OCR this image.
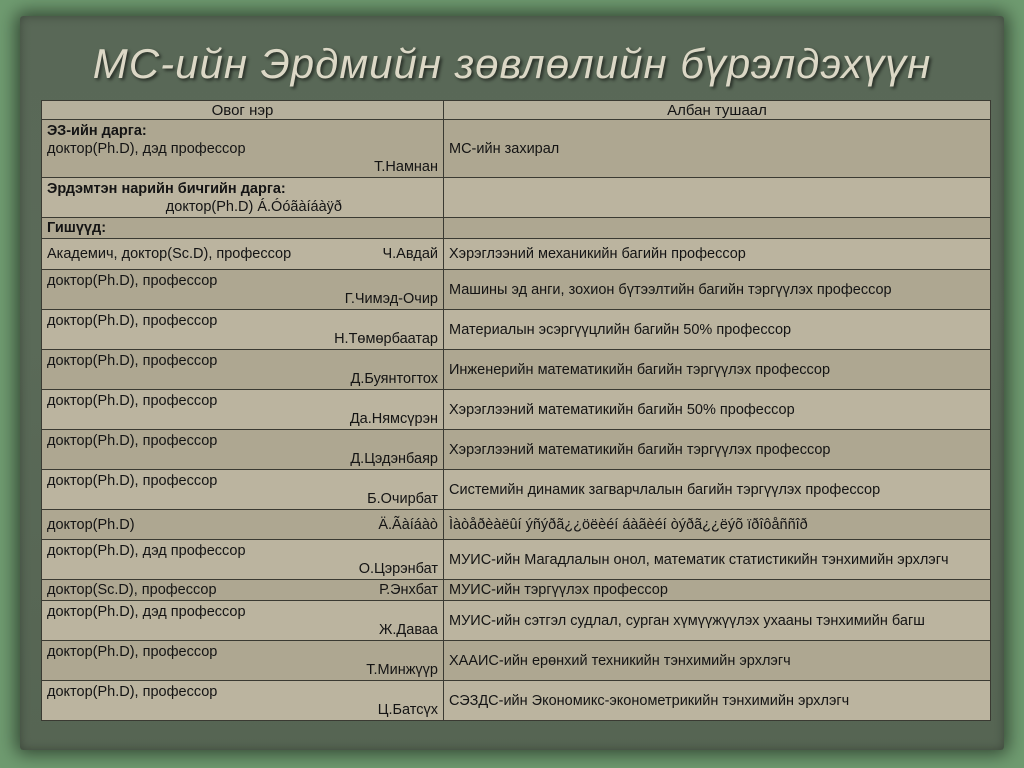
МС-ийн Эрдмийн зөвлөлийн бүрэлдэхүүн
Овог нэр	Албан тушаал

ЭЗ-ийн дарга:
доктор(Ph.D), дэд профессор
Т.Намнан	МС-ийн захирал

Эрдэмтэн нарийн бичгийн дарга:
доктор(Ph.D) Á.Óóãàíáàÿð	

Гишүүд:	

Академич, доктор(Sc.D), профессор Ч.Авдай	Хэрэглээний механикийн багийн профессор

доктор(Ph.D), профессор
Г.Чимэд-Очир	Машины эд анги, зохион бүтээлтийн багийн тэргүүлэх профессор

доктор(Ph.D), профессор
Н.Төмөрбаатар	Материалын эсэргүүцлийн багийн 50% профессор

доктор(Ph.D), профессор
Д.Буянтогтох	Инженерийн математикийн багийн тэргүүлэх профессор

доктор(Ph.D), профессор
Да.Нямсүрэн	Хэрэглээний математикийн багийн 50% профессор

доктор(Ph.D), профессор
Д.Цэдэнбаяр	Хэрэглээний математикийн багийн тэргүүлэх профессор

доктор(Ph.D), профессор
Б.Очирбат	Системийн динамик загварчлалын багийн тэргүүлэх профессор

доктор(Ph.D) Ä.Ãàíáàò	Ìàòåðèàëûí ýñýðã¿¿öëèéí áàãèéí òýðã¿¿ëýõ ïðîôåññîð

доктор(Ph.D), дэд профессор
О.Цэрэнбат	МУИС-ийн Магадлалын онол, математик статистикийн тэнхимийн эрхлэгч

доктор(Sc.D), профессор Р.Энхбат	МУИС-ийн тэргүүлэх профессор

доктор(Ph.D), дэд профессор
Ж.Даваа	МУИС-ийн сэтгэл судлал, сурган хүмүүжүүлэх ухааны тэнхимийн багш

доктор(Ph.D), профессор
Т.Минжүүр	ХААИС-ийн ерөнхий техникийн тэнхимийн эрхлэгч

доктор(Ph.D), профессор
Ц.Батсүх	СЭЗДС-ийн Экономикс-эконометрикийн тэнхимийн эрхлэгч
